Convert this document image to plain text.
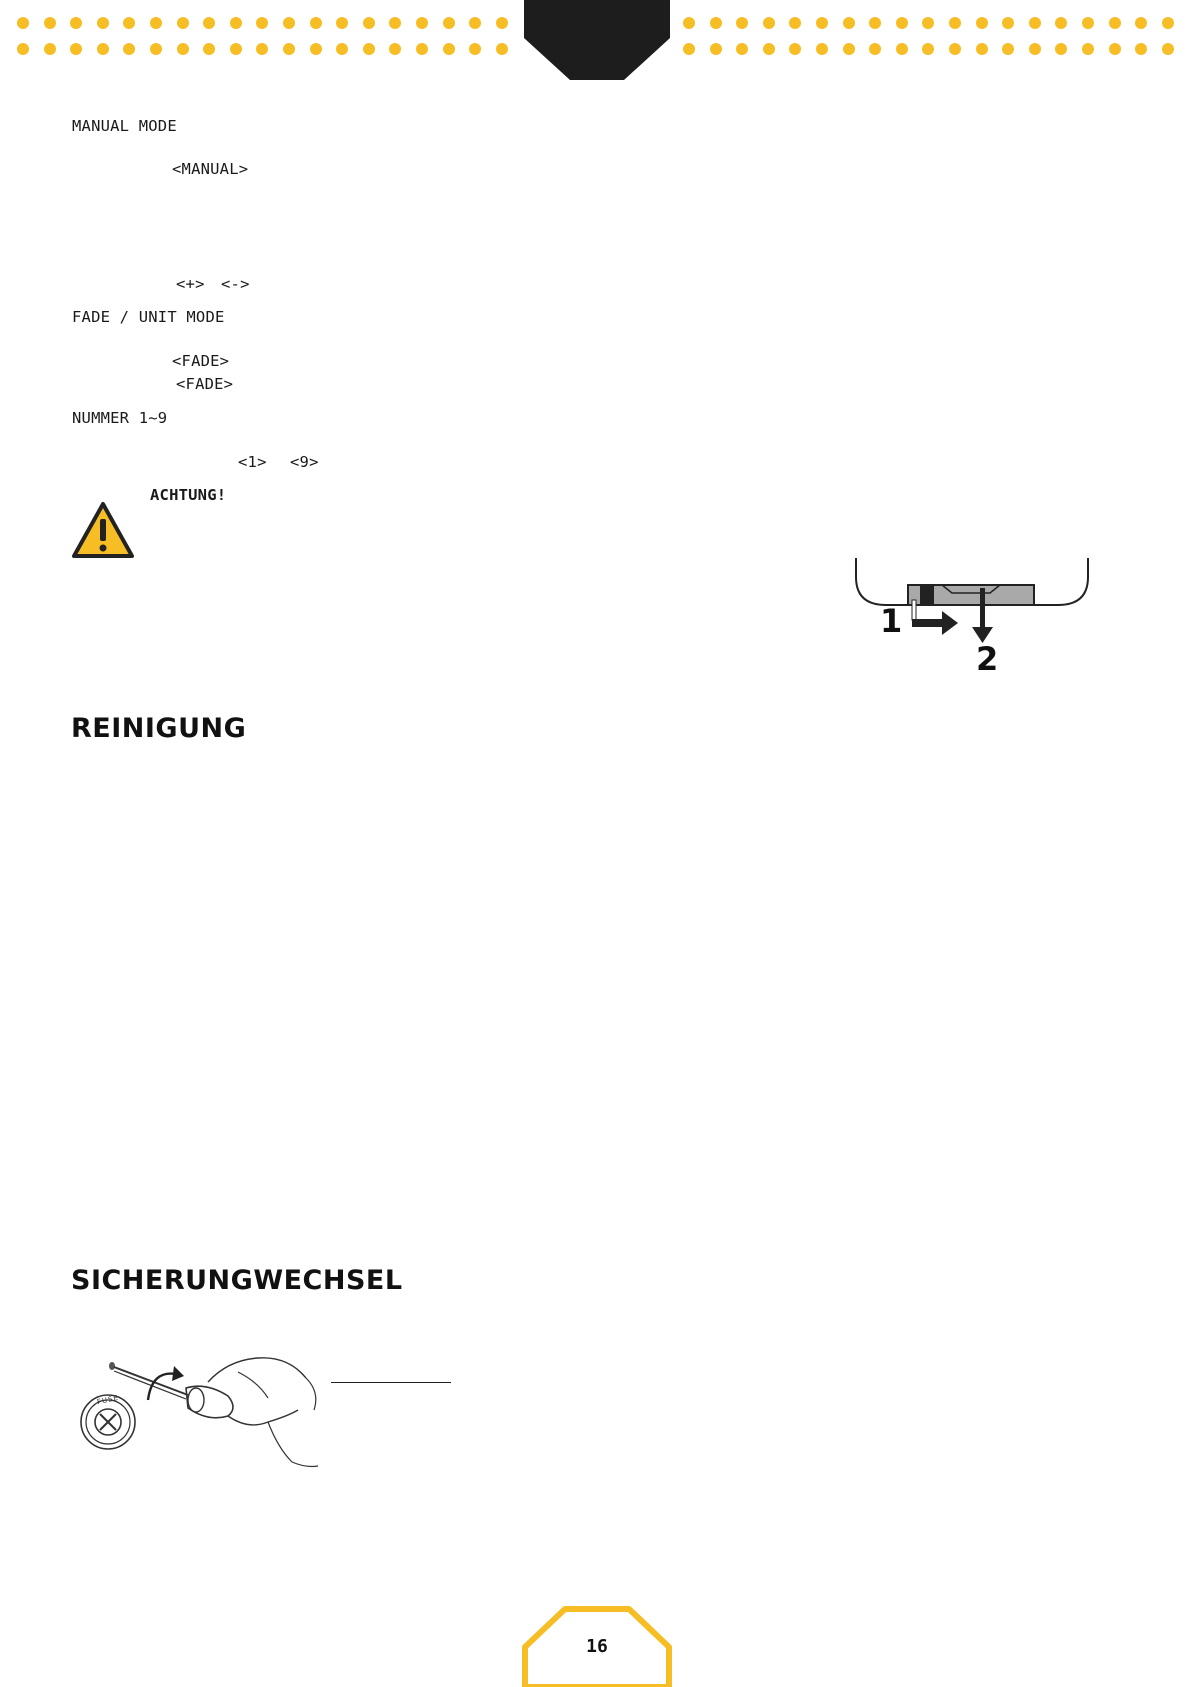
MANUAL MODE
<MANUAL>
<+> <->
FADE / UNIT MODE
<FADE>
<FADE>
NUMMER 1~9
<1> <9>
ACHTUNG!
1
2
REINIGUNG
SICHERUNGWECHSEL
FUSE
16
